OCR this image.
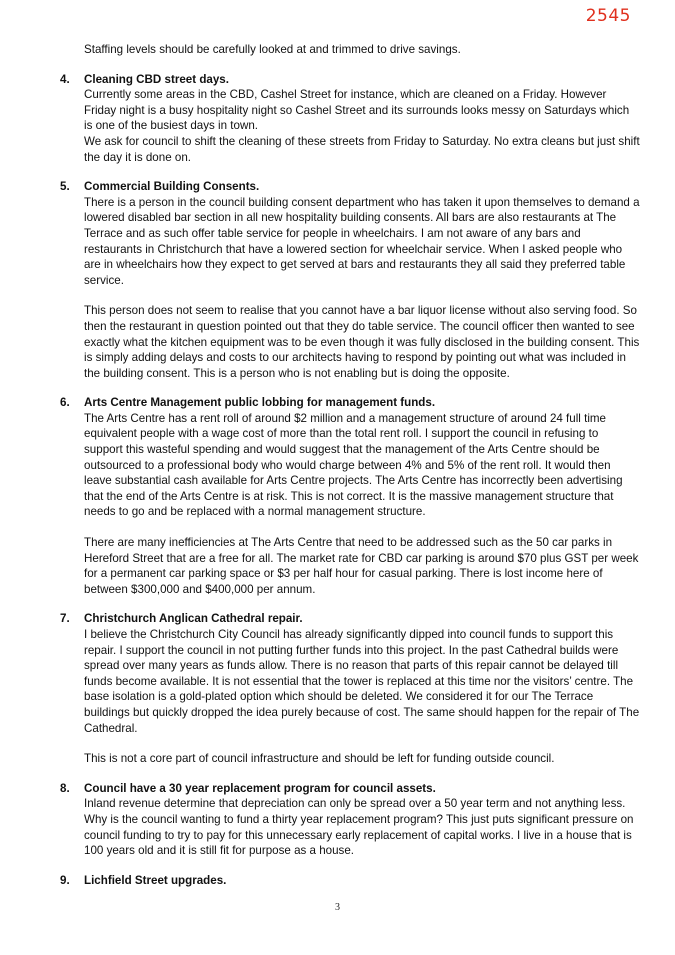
2545

Staffing levels should be carefully looked at and trimmed to drive savings.

4.	Cleaning CBD street days.

Currently some areas in the CBD, Cashel Street for instance, which are cleaned on a Friday. However Friday night is a busy hospitality night so Cashel Street and its surrounds looks messy on Saturdays which is one of the busiest days in town.

We ask for council to shift the cleaning of these streets from Friday to Saturday. No extra cleans but just shift the day it is done on.

5.	Commercial Building Consents.

There is a person in the council building consent department who has taken it upon themselves to demand a lowered disabled bar section in all new hospitality building consents. All bars are also restaurants at The Terrace and as such offer table service for people in wheelchairs. I am not aware of any bars and restaurants in Christchurch that have a lowered section for wheelchair service. When I asked people who are in wheelchairs how they expect to get served at bars and restaurants they all said they preferred table service.

This person does not seem to realise that you cannot have a bar liquor license without also serving food. So then the restaurant in question pointed out that they do table service. The council officer then wanted to see exactly what the kitchen equipment was to be even though it was fully disclosed in the building consent. This is simply adding delays and costs to our architects having to respond by pointing out what was included in the building consent. This is a person who is not enabling but is doing the opposite.

6.	Arts Centre Management public lobbing for management funds.

The Arts Centre has a rent roll of around $2 million and a management structure of around 24 full time equivalent people with a wage cost of more than the total rent roll. I support the council in refusing to support this wasteful spending and would suggest that the management of the Arts Centre should be outsourced to a professional body who would charge between 4% and 5% of the rent roll. It would then leave substantial cash available for Arts Centre projects. The Arts Centre has incorrectly been advertising that the end of the Arts Centre is at risk. This is not correct. It is the massive management structure that needs to go and be replaced with a normal management structure.

There are many inefficiencies at The Arts Centre that need to be addressed such as the 50 car parks in Hereford Street that are a free for all. The market rate for CBD car parking is around $70 plus GST per week for a permanent car parking space or $3 per half hour for casual parking. There is lost income here of between $300,000 and $400,000 per annum.

7.	Christchurch Anglican Cathedral repair.

I believe the Christchurch City Council has already significantly dipped into council funds to support this repair. I support the council in not putting further funds into this project. In the past Cathedral builds were spread over many years as funds allow. There is no reason that parts of this repair cannot be delayed till funds become available. It is not essential that the tower is replaced at this time nor the visitors’ centre. The base isolation is a gold-plated option which should be deleted. We considered it for our The Terrace buildings but quickly dropped the idea purely because of cost. The same should happen for the repair of The Cathedral.

This is not a core part of council infrastructure and should be left for funding outside council.

8.	Council have a 30 year replacement program for council assets.

Inland revenue determine that depreciation can only be spread over a 50 year term and not anything less. Why is the council wanting to fund a thirty year replacement program? This just puts significant pressure on council funding to try to pay for this unnecessary early replacement of capital works. I live in a house that is 100 years old and it is still fit for purpose as a house.

9.	Lichfield Street upgrades.

3
